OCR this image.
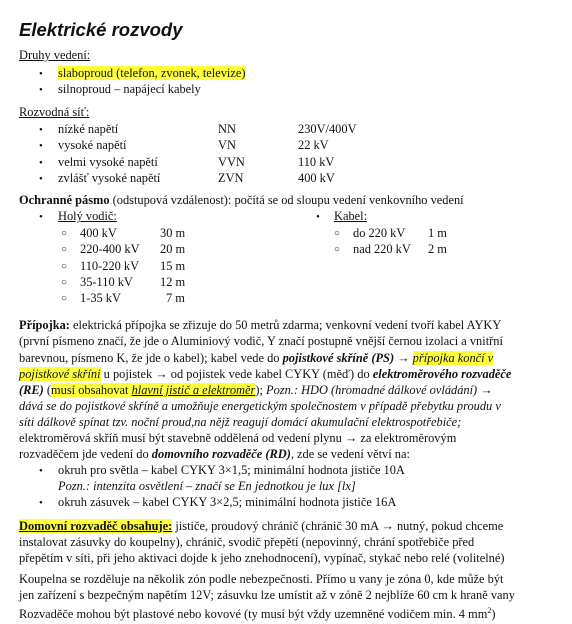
Elektrické rozvody
Druhy vedení:
• slaboproud (telefon, zvonek, televize)
• silnoproud – napájecí kabely
Rozvodná síť:
• nízké napětí	NN	230V/400V
• vysoké napětí	VN	22 kV
• velmi vysoké napětí	VVN	110 kV
• zvlášť vysoké napětí	ZVN	400 kV
Ochranné pásmo (odstupová vzdálenost): počítá se od sloupu vedení venkovního vedení
• Holý vodič:	• Kabel:
○ 400 kV	30 m
○ 220-400 kV 20 m
○ 110-220 kV 15 m
○ 35-110 kV 12 m
○ 1-35 kV	7 m
○ do 220 kV 1 m
○ nad 220 kV 2 m
Přípojka: elektrická přípojka se zřizuje do 50 metrů zdarma; venkovní vedení tvoří kabel AYKY
(první písmeno značí, že jde o Aluminiový vodič, Y značí postupně vnější černou izolaci a vnitřní
barevnou, písmeno K, že jde o kabel); kabel vede do pojistkové skříně (PS) → přípojka končí v
pojistkové skříni u pojistek → od pojistek vede kabel CYKY (měď) do elektroměrového rozvaděče
(RE) (musí obsahovat hlavní jistič a elektroměr); Pozn.: HDO (hromadné dálkové ovládání) →
dává se do pojistkové skříně a umožňuje energetickým společnostem v případě přebytku proudu v
síti dálkově spínat tzv. noční proud,na nějž reagují domácí akumulační elektrospotřebiče;
elektroměrová skříň musí být stavebně oddělená od vedení plynu → za elektroměrovým
rozvaděčem jde vedení do domovního rozvaděče (RD), zde se vedení větví na:
• okruh pro světla – kabel CYKY 3×1,5; minimální hodnota jističe 10A
Pozn.: intenzita osvětlení – značí se En jednotkou je lux [lx]
• okruh zásuvek – kabel CYKY 3×2,5; minimální hodnota jističe 16A
Domovní rozvaděč obsahuje: jističe, proudový chránič (chránič 30 mA → nutný, pokud chceme
instalovat zásuvky do koupelny), chránič, svodič přepětí (nepovinný, chrání spotřebiče před
přepětím v síti, při jeho aktivaci dojde k jeho znehodnocení), vypínač, stykač nebo relé (volitelné)
Koupelna se rozděluje na několik zón podle nebezpečnosti. Přímo u vany je zóna 0, kde může být
jen zařízení s bezpečným napětím 12V; zásuvku lze umístit až v zóně 2 nejblíže 60 cm k hraně vany
Rozvaděče mohou být plastové nebo kovové (ty musí být vždy uzemněné vodičem min. 4 $mm^2$)
